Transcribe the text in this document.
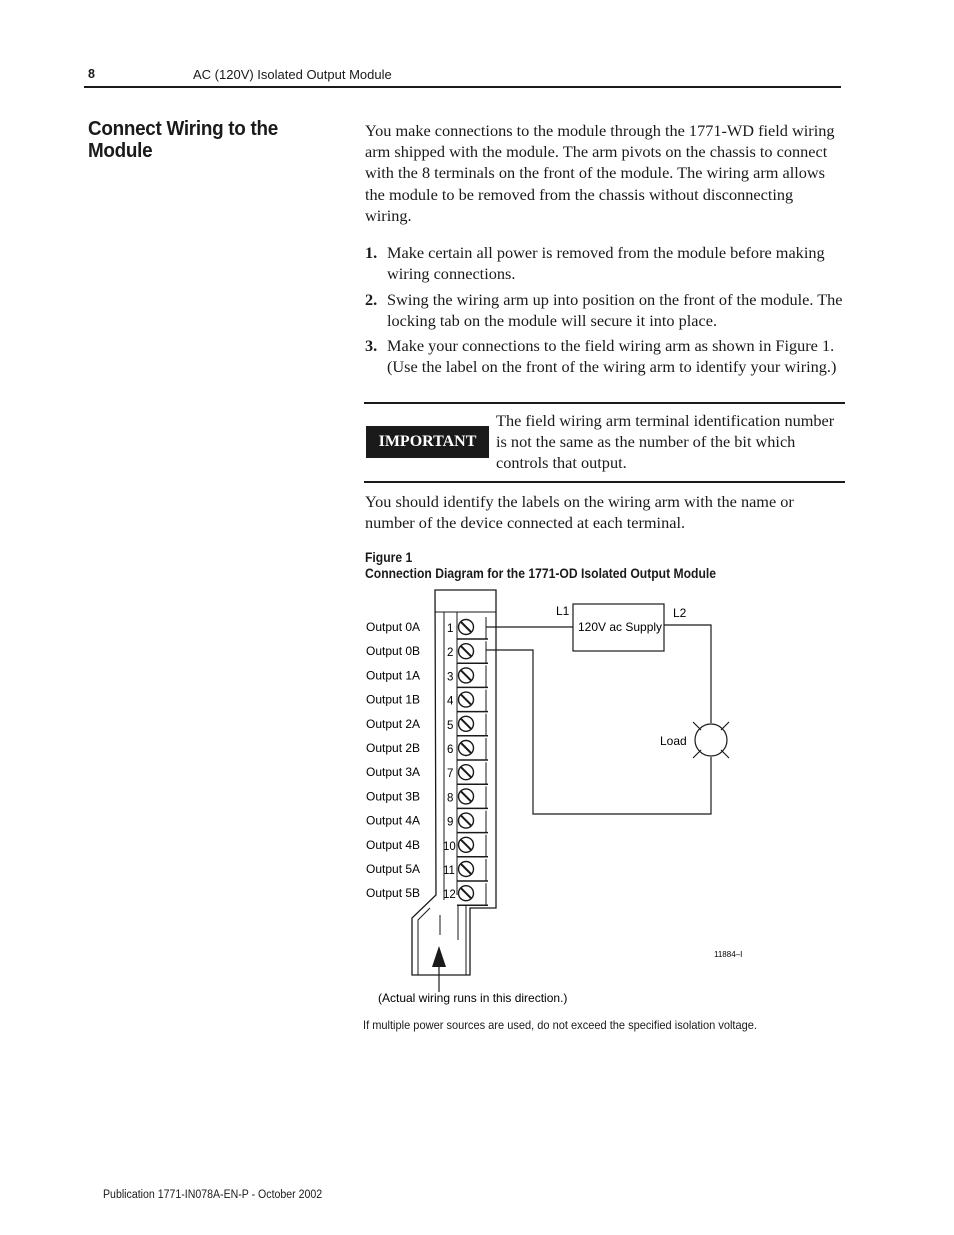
8	AC (120V) Isolated Output Module
Connect Wiring to the Module
You make connections to the module through the 1771-WD field wiring arm shipped with the module. The arm pivots on the chassis to connect with the 8 terminals on the front of the module. The wiring arm allows the module to be removed from the chassis without disconnecting wiring.
1. Make certain all power is removed from the module before making wiring connections.
2. Swing the wiring arm up into position on the front of the module. The locking tab on the module will secure it into place.
3. Make your connections to the field wiring arm as shown in Figure 1. (Use the label on the front of the wiring arm to identify your wiring.)
IMPORTANT
The field wiring arm terminal identification number is not the same as the number of the bit which controls that output.
You should identify the labels on the wiring arm with the name or number of the device connected at each terminal.
Figure 1
Connection Diagram for the 1771-OD Isolated Output Module
Output 0A 1
Output 0B 2
Output 1A 3
Output 1B 4
Output 2A 5
Output 2B 6
Output 3A 7
Output 3B 8
Output 4A 9
Output 4B 10
Output 5A 11
Output 5B 12
120V ac Supply
L1	L2
Load
11884–I
(Actual wiring runs in this direction.)
If multiple power sources are used, do not exceed the specified isolation voltage.
Publication 1771-IN078A-EN-P - October 2002
